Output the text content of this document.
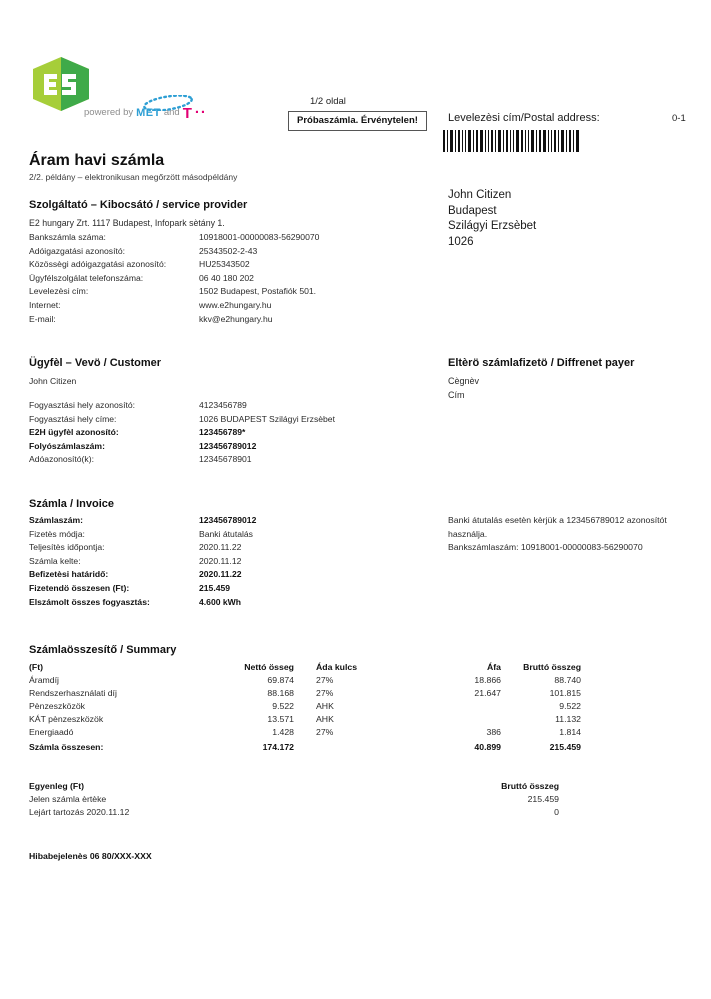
powered by MET and T ··
1/2 oldal
Próbaszámla. Érvénytelen!	Levelezèsi cím/Postal address:	0-1
John Citizen
Budapest
Szilágyi Erzsèbet
1026
Áram havi számla
2/2. példány – elektronikusan megőrzött másodpéldány
Szolgáltató – Kibocsátó / service provider
E2 hungary Zrt. 1117 Budapest, Infopark sètány 1.
Bankszámla száma:	10918001-00000083-56290070
Adóigazgatási azonosító:	25343502-2-43
Közössègi adóigazgatási azonosító:	HU25343502
Ügyfélszolgálat telefonszáma:	06 40 180 202
Levelezèsi cím:	1502 Budapest, Postafiók 501.
Internet:	www.e2hungary.hu
E-mail:	kkv@e2hungary.hu
Ügyfèl – Vevö / Customer
John Citizen
Fogyasztási hely azonosító:	4123456789
Fogyasztási hely címe:	1026 BUDAPEST Szilágyi Erzsèbet
E2H ügyfèl azonosító:	123456789*
Folyószámlaszám:	123456789012
Adóazonosító(k):	12345678901
Eltèrö számlafizetö / Diffrenet payer
Cègnèv
Cím
Számla / Invoice
Számlaszám:	123456789012
Fizetès módja:	Banki átutalás
Teljesítès időpontja:	2020.11.22
Számla kelte:	2020.11.12
Befizetèsi határidő:	2020.11.22
Fizetendö összesen (Ft):	215.459
Elszámolt összes fogyasztás:	4.600 kWh
Banki átutalás esetèn kèrjük a 123456789012 azonosítót
használja.
Bankszámlaszám: 10918001-00000083-56290070
Számlaösszesítő / Summary
(Ft)	Nettó össeg	Áda kulcs	Áfa	Bruttó összeg
Áramdíj	69.874	27%	18.866	88.740
Rendszerhasználati díj	88.168	27%	21.647	101.815
Pènzeszközök	9.522	AHK		9.522
KÁT pènzeszközök	13.571	AHK		11.132
Energiaadó	1.428	27%	386	1.814
Számla összesen:	174.172		40.899	215.459
Egyenleg (Ft)	Bruttó összeg
Jelen számla èrtèke	215.459
Lejárt tartozás 2020.11.12	0
Hibabejelenès 06 80/XXX-XXX
